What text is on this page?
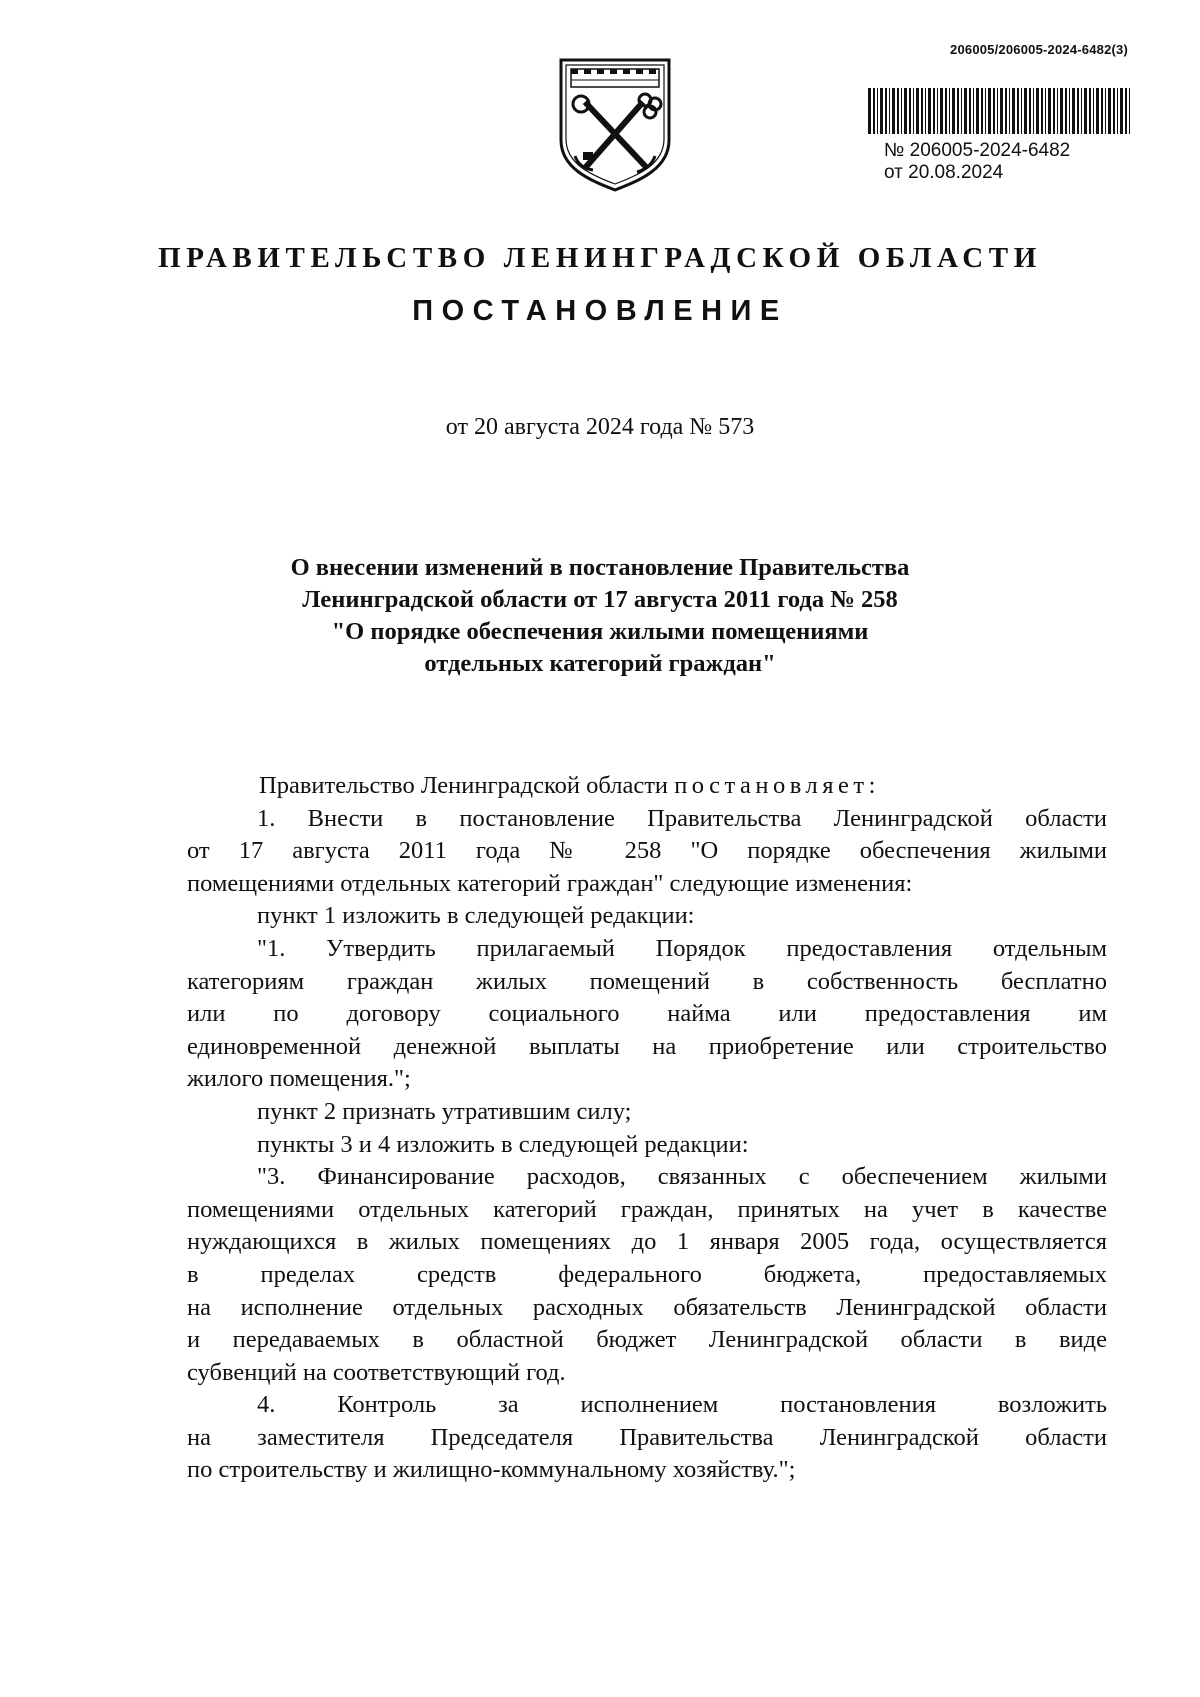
206005/206005-2024-6482(3)
№ 206005-2024-6482
от 20.08.2024
ПРАВИТЕЛЬСТВО ЛЕНИНГРАДСКОЙ ОБЛАСТИ
ПОСТАНОВЛЕНИЕ
от 20 августа 2024 года № 573
О внесении изменений в постановление Правительства
Ленинградской области от 17 августа 2011 года № 258
"О порядке обеспечения жилыми помещениями
отдельных категорий граждан"
Правительство Ленинградской области постановляет:
1. Внести в постановление Правительства Ленинградской области
от 17 августа 2011 года № 258 "О порядке обеспечения жилыми
помещениями отдельных категорий граждан" следующие изменения:
пункт 1 изложить в следующей редакции:
"1. Утвердить прилагаемый Порядок предоставления отдельным
категориям граждан жилых помещений в собственность бесплатно
или по договору социального найма или предоставления им
единовременной денежной выплаты на приобретение или строительство
жилого помещения.";
пункт 2 признать утратившим силу;
пункты 3 и 4 изложить в следующей редакции:
"3. Финансирование расходов, связанных с обеспечением жилыми
помещениями отдельных категорий граждан, принятых на учет в качестве
нуждающихся в жилых помещениях до 1 января 2005 года, осуществляется
в пределах средств федерального бюджета, предоставляемых
на исполнение отдельных расходных обязательств Ленинградской области
и передаваемых в областной бюджет Ленинградской области в виде
субвенций на соответствующий год.
4. Контроль за исполнением постановления возложить
на заместителя Председателя Правительства Ленинградской области
по строительству и жилищно-коммунальному хозяйству.";
